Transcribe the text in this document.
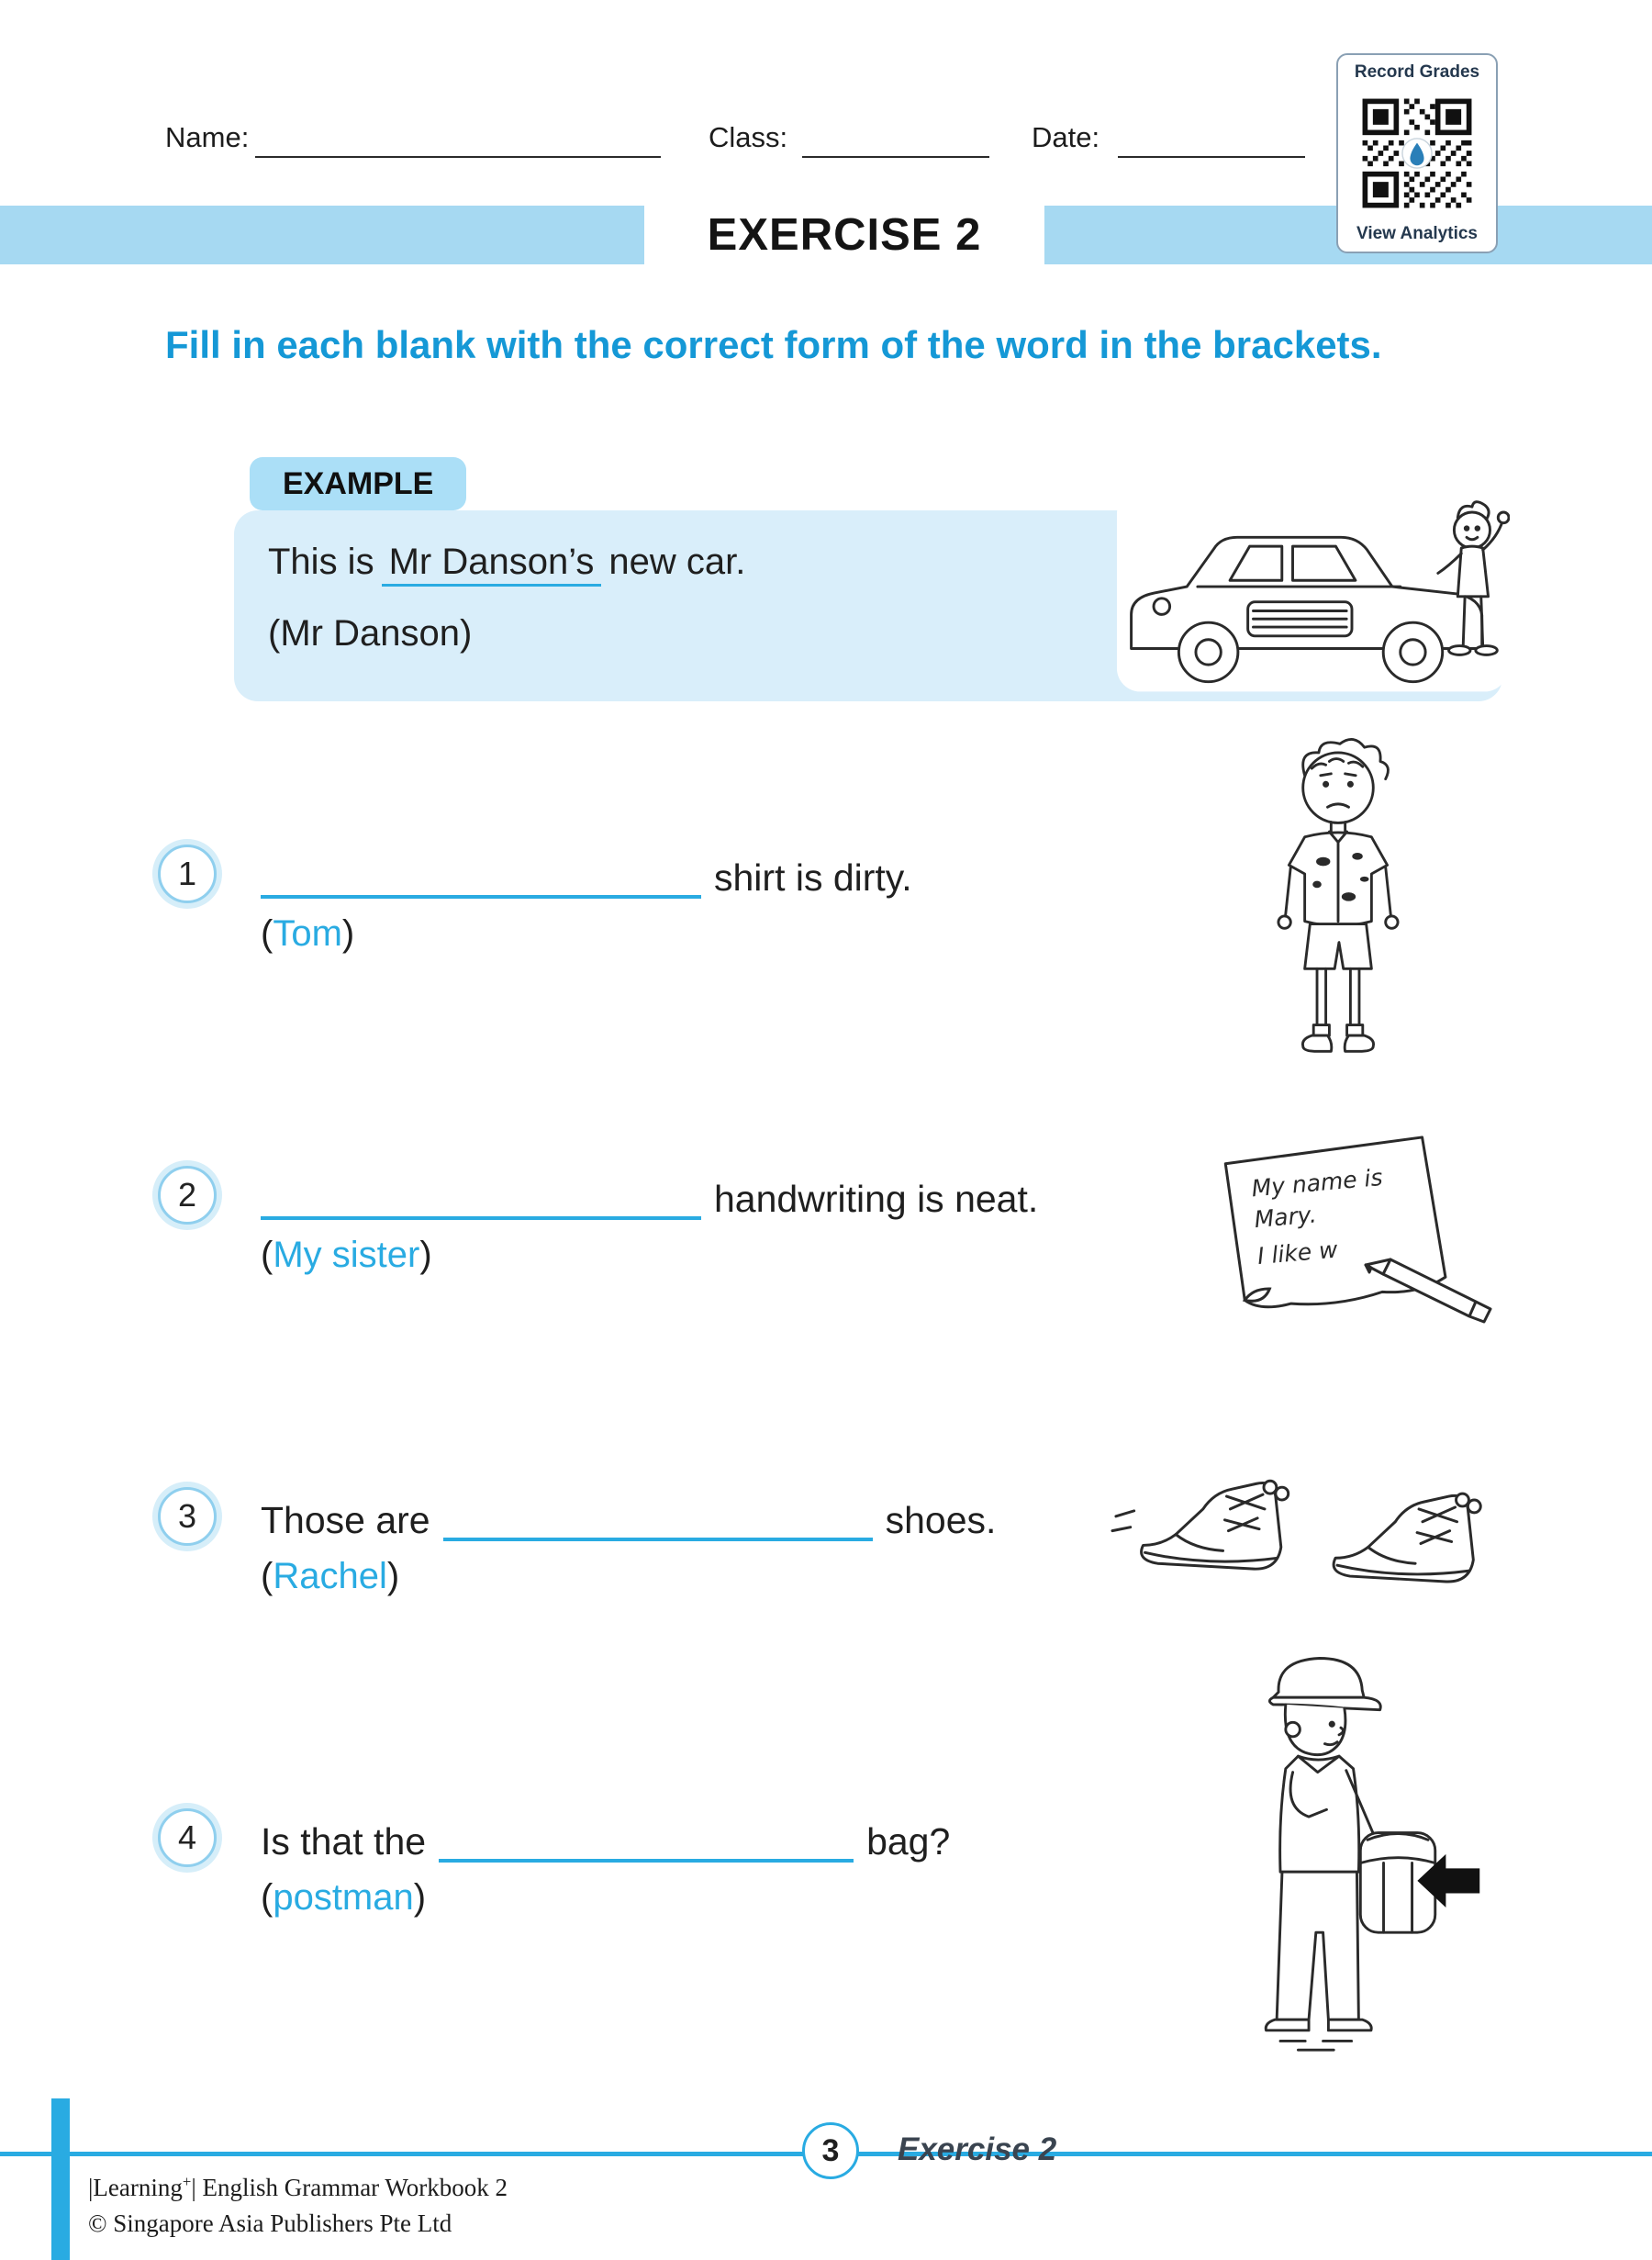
Name:	Class:	Date:
Record Grades
View Analytics
EXERCISE 2
Fill in each blank with the correct form of the word in the brackets.
EXAMPLE
This is Mr Danson’s new car.
(Mr Danson)
1	shirt is dirty.
(Tom)
2	handwriting is neat.
(My sister)
My name is
Mary.
I like w
3	Those are	shoes.
(Rachel)
4	Is that the	bag?
(postman)
3	Exercise 2
|Learning+| English Grammar Workbook 2
© Singapore Asia Publishers Pte Ltd
